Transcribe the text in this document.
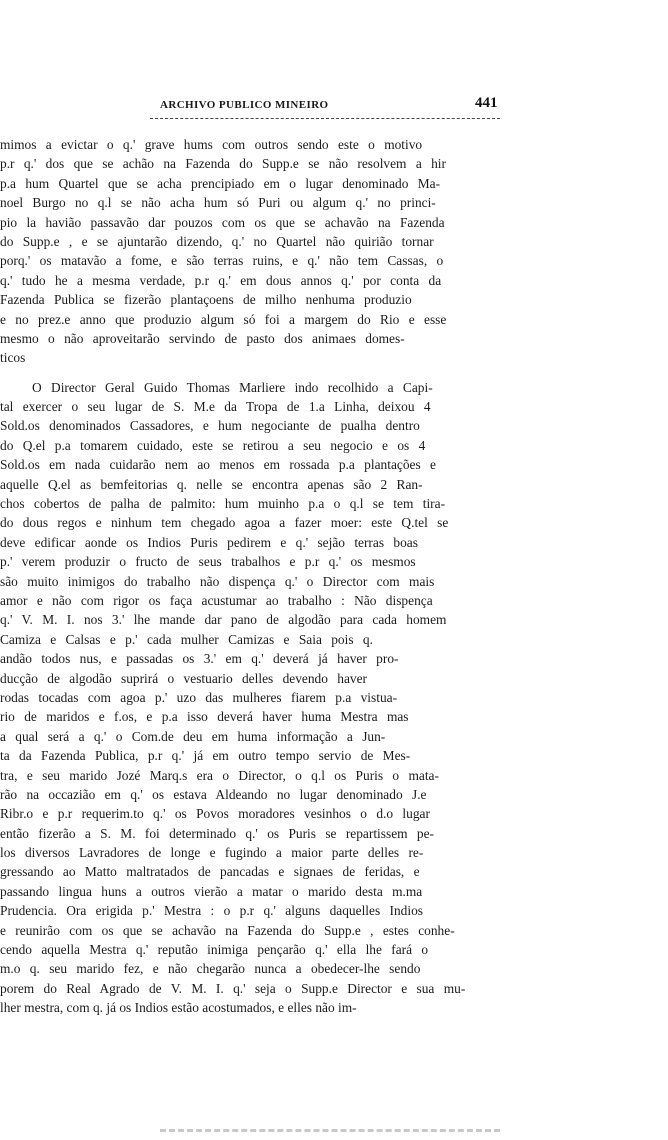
ARCHIVO PUBLICO MINEIRO	441
mimos a evictar o q.' grave hums com outros sendo este o motivo
p.r q.' dos que se achão na Fazenda do Supp.e se não resolvem a hir
p.a hum Quartel que se acha prencipiado em o lugar denominado Ma-
noel Burgo no q.l se não acha hum só Puri ou algum q.' no princi-
pio la havião passavão dar pouzos com os que se achavão na Fazenda
do Supp.e , e se ajuntarão dizendo, q.' no Quartel não quirião tornar
porq.' os matavão a fome, e são terras ruins, e q.' não tem Cassas, o
q.' tudo he a mesma verdade, p.r q.' em dous annos q.' por conta da
Fazenda Publica se fizerão plantaçoens de milho nenhuma produzio
e no prez.e anno que produzio algum só foi a margem do Rio e esse
mesmo o não aproveitarão servindo de pasto dos animaes domes-
ticos
O Director Geral Guido Thomas Marliere indo recolhido a Capi-
tal exercer o seu lugar de S. M.e da Tropa de 1.a Linha, deixou 4
Sold.os denominados Cassadores, e hum negociante de pualha dentro
do Q.el p.a tomarem cuidado, este se retirou a seu negocio e os 4
Sold.os em nada cuidarão nem ao menos em rossada p.a plantações e
aquelle Q.el as bemfeitorias q. nelle se encontra apenas são 2 Ran-
chos cobertos de palha de palmito: hum muinho p.a o q.l se tem tira-
do dous regos e ninhum tem chegado agoa a fazer moer: este Q.tel se
deve edificar aonde os Indios Puris pedirem e q.' sejão terras boas
p.' verem produzir o fructo de seus trabalhos e p.r q.' os mesmos
são muito inimigos do trabalho não dispença q.' o Director com mais
amor e não com rigor os faça acustumar ao trabalho : Não dispença
q.' V. M. I. nos 3.' lhe mande dar pano de algodão para cada homem
Camiza e Calsas e p.' cada mulher Camizas e Saia pois q.
andão todos nus, e passadas os 3.' em q.' deverá já haver pro-
ducção de algodão suprirá o vestuario delles devendo haver
rodas tocadas com agoa p.' uzo das mulheres fiarem p.a vistua-
rio de maridos e f.os, e p.a isso deverá haver huma Mestra mas
a qual será a q.' o Com.de deu em huma informação a Jun-
ta da Fazenda Publica, p.r q.' já em outro tempo servio de Mes-
tra, e seu marido Jozé Marq.s era o Director, o q.l os Puris o mata-
rão na occazião em q.' os estava Aldeando no lugar denominado J.e
Ribr.o e p.r requerim.to q.' os Povos moradores vesinhos o d.o lugar
então fizerão a S. M. foi determinado q.' os Puris se repartissem pe-
los diversos Lavradores de longe e fugindo a maior parte delles re-
gressando ao Matto maltratados de pancadas e signaes de feridas, e
passando lingua huns a outros vierão a matar o marido desta m.ma
Prudencia. Ora erigida p.' Mestra : o p.r q.' alguns daquelles Indios
e reunirão com os que se achavão na Fazenda do Supp.e , estes conhe-
cendo aquella Mestra q.' reputão inimiga pençarão q.' ella lhe fará o
m.o q. seu marido fez, e não chegarão nunca a obedecer-lhe sendo
porem do Real Agrado de V. M. I. q.' seja o Supp.e Director e sua mu-
lher mestra, com q. já os Indios estão acostumados, e elles não im-
